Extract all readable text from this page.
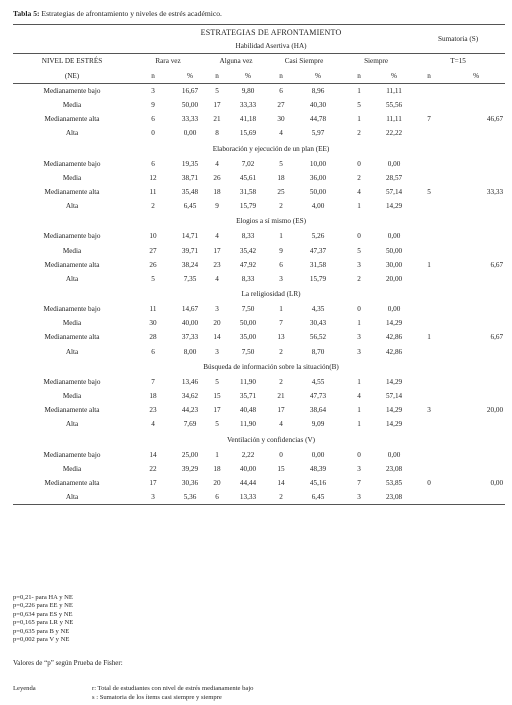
Tabla 5: Estrategias de afrontamiento y niveles de estrés académico.
	ESTRATEGIAS DE AFRONTAMIENTO								Sumatoria (S)	
	Habilidad Asertiva (HA)									
NIVEL DE ESTRÉS	Rara vez		Alguna vez		Casi Siempre		Siempre		T=15	
(NE)	n	%	n	%	n	%	n	%	n	%
Medianamente bajo	3	16,67	5	9,80	6	8,96	1	11,11		
Media	9	50,00	17	33,33	27	40,30	5	55,56		
Medianamente alta	6	33,33	21	41,18	30	44,78	1	11,11	7	46,67
Alta	0	0,00	8	15,69	4	5,97	2	22,22		
	Elaboración y ejecución de un plan (EE)									
Medianamente bajo	6	19,35	4	7,02	5	10,00	0	0,00		
Media	12	38,71	26	45,61	18	36,00	2	28,57		
Medianamente alta	11	35,48	18	31,58	25	50,00	4	57,14	5	33,33
Alta	2	6,45	9	15,79	2	4,00	1	14,29		
	Elogios a sí mismo (ES)									
Medianamente bajo	10	14,71	4	8,33	1	5,26	0	0,00		
Media	27	39,71	17	35,42	9	47,37	5	50,00		
Medianamente alta	26	38,24	23	47,92	6	31,58	3	30,00	1	6,67
Alta	5	7,35	4	8,33	3	15,79	2	20,00		
	La religiosidad (LR)									
Medianamente bajo	11	14,67	3	7,50	1	4,35	0	0,00		
Media	30	40,00	20	50,00	7	30,43	1	14,29		
Medianamente alta	28	37,33	14	35,00	13	56,52	3	42,86	1	6,67
Alta	6	8,00	3	7,50	2	8,70	3	42,86		
	Búsqueda de información sobre la situación(B)									
Medianamente bajo	7	13,46	5	11,90	2	4,55	1	14,29		
Media	18	34,62	15	35,71	21	47,73	4	57,14		
Medianamente alta	23	44,23	17	40,48	17	38,64	1	14,29	3	20,00
Alta	4	7,69	5	11,90	4	9,09	1	14,29		
	Ventilación y confidencias (V)									
Medianamente bajo	14	25,00	1	2,22	0	0,00	0	0,00		
Media	22	39,29	18	40,00	15	48,39	3	23,08		
Medianamente alta	17	30,36	20	44,44	14	45,16	7	53,85	0	0,00
Alta	3	5,36	6	13,33	2	6,45	3	23,08		
p=0,21- para HA y NE
p=0,226 para EE y NE
p=0,634 para ES y NE
p=0,165 para LR y NE
p=0,635 para B y NE
p=0,002 para V y NE
Valores de “p” según Prueba de Fisher:
Leyenda	r: Total de estudiantes con nivel de estrés medianamente bajo
s : Sumatoria de los ítems casi siempre y siempre
